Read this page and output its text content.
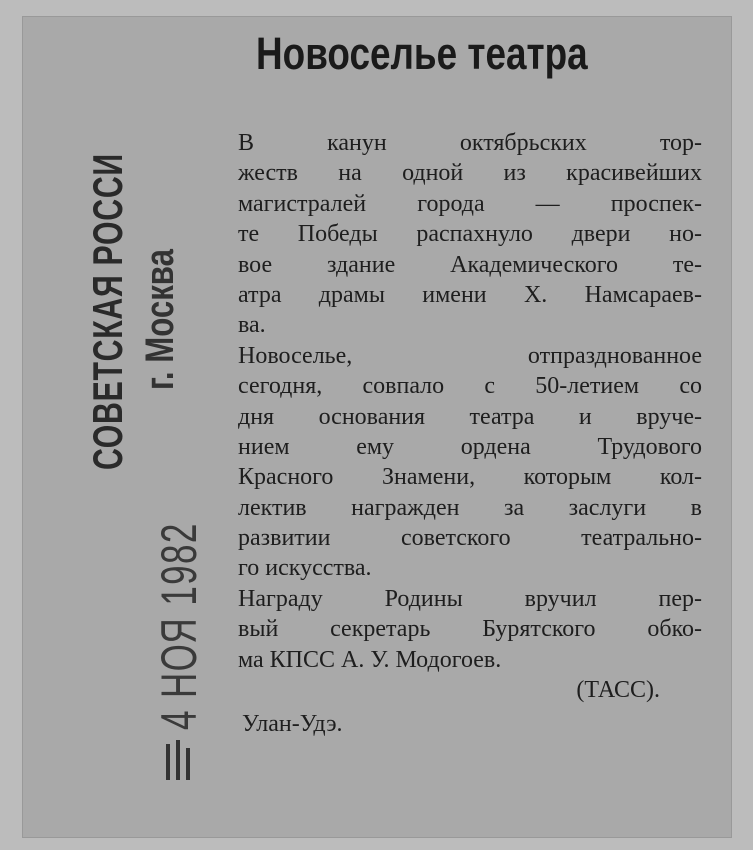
Новоселье театра
В канун октябрьских тор-
жеств на одной из красивейших
магистралей города — проспек-
те Победы распахнуло двери но-
вое здание Академического те-
атра драмы имени Х. Намсараев-
ва.
Новоселье, отпразднованное
сегодня, совпало с 50-летием со
дня основания театра и вруче-
нием ему ордена Трудового
Красного Знамени, которым кол-
лектив награжден за заслуги в
развитии советского театрально-
го искусства.
Награду Родины вручил пер-
вый секретарь Бурятского обко-
ма КПСС А. У. Модогоев.
(ТАСС).
Улан-Удэ.
СОВЕТСКАЯ РОССИ г. Москва
4 НОЯ 1982
